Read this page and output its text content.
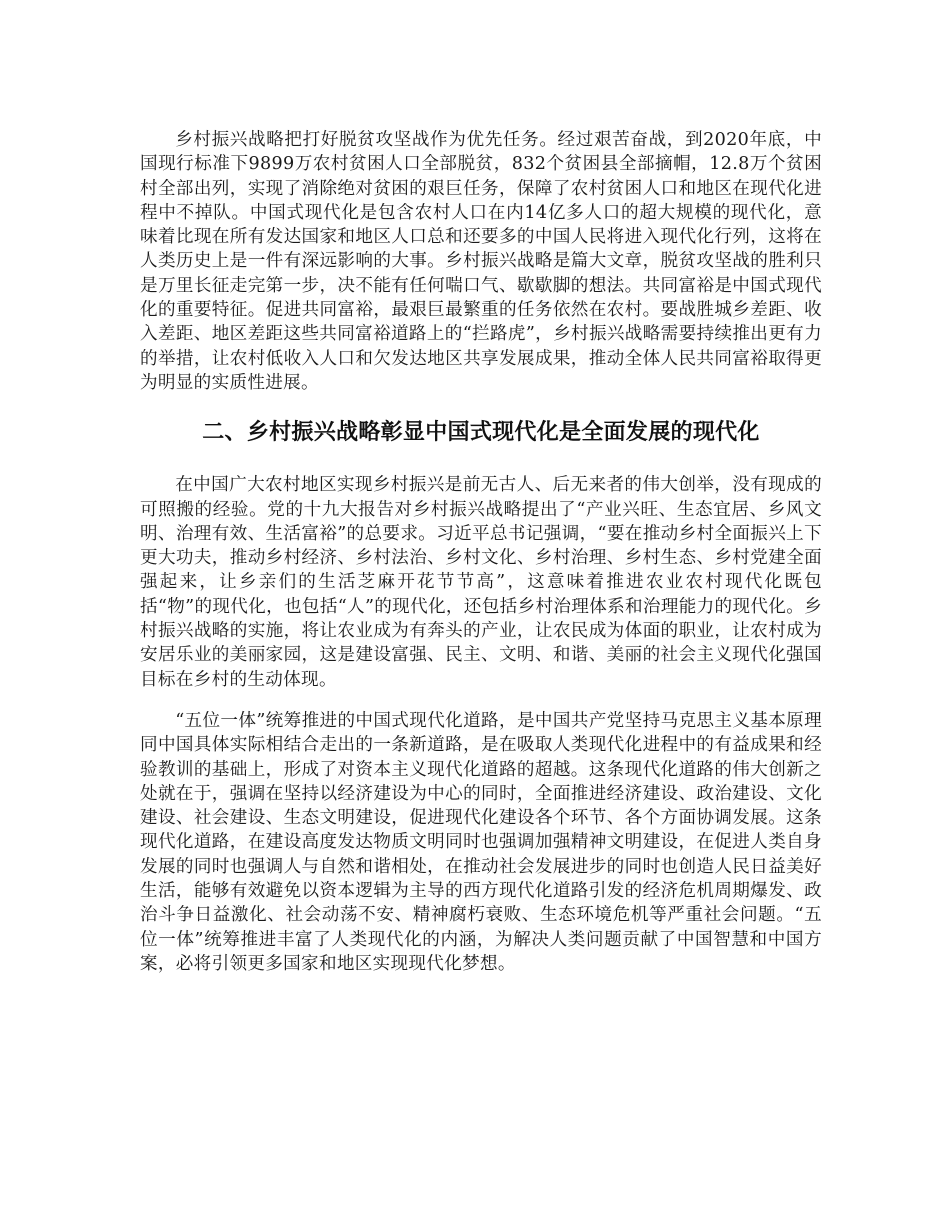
乡村振兴战略把打好脱贫攻坚战作为优先任务。经过艰苦奋战，到2020年底，中国现行标准下9899万农村贫困人口全部脱贫，832个贫困县全部摘帽，12.8万个贫困村全部出列，实现了消除绝对贫困的艰巨任务，保障了农村贫困人口和地区在现代化进程中不掉队。中国式现代化是包含农村人口在内14亿多人口的超大规模的现代化，意味着比现在所有发达国家和地区人口总和还要多的中国人民将进入现代化行列，这将在人类历史上是一件有深远影响的大事。乡村振兴战略是篇大文章，脱贫攻坚战的胜利只是万里长征走完第一步，决不能有任何喘口气、歇歇脚的想法。共同富裕是中国式现代化的重要特征。促进共同富裕，最艰巨最繁重的任务依然在农村。要战胜城乡差距、收入差距、地区差距这些共同富裕道路上的“拦路虎”，乡村振兴战略需要持续推出更有力的举措，让农村低收入人口和欠发达地区共享发展成果，推动全体人民共同富裕取得更为明显的实质性进展。

二、乡村振兴战略彰显中国式现代化是全面发展的现代化

在中国广大农村地区实现乡村振兴是前无古人、后无来者的伟大创举，没有现成的可照搬的经验。党的十九大报告对乡村振兴战略提出了“产业兴旺、生态宜居、乡风文明、治理有效、生活富裕”的总要求。习近平总书记强调，“要在推动乡村全面振兴上下更大功夫，推动乡村经济、乡村法治、乡村文化、乡村治理、乡村生态、乡村党建全面强起来，让乡亲们的生活芝麻开花节节高”，这意味着推进农业农村现代化既包括“物”的现代化，也包括“人”的现代化，还包括乡村治理体系和治理能力的现代化。乡村振兴战略的实施，将让农业成为有奔头的产业，让农民成为体面的职业，让农村成为安居乐业的美丽家园，这是建设富强、民主、文明、和谐、美丽的社会主义现代化强国目标在乡村的生动体现。

“五位一体”统筹推进的中国式现代化道路，是中国共产党坚持马克思主义基本原理同中国具体实际相结合走出的一条新道路，是在吸取人类现代化进程中的有益成果和经验教训的基础上，形成了对资本主义现代化道路的超越。这条现代化道路的伟大创新之处就在于，强调在坚持以经济建设为中心的同时，全面推进经济建设、政治建设、文化建设、社会建设、生态文明建设，促进现代化建设各个环节、各个方面协调发展。这条现代化道路，在建设高度发达物质文明同时也强调加强精神文明建设，在促进人类自身发展的同时也强调人与自然和谐相处，在推动社会发展进步的同时也创造人民日益美好生活，能够有效避免以资本逻辑为主导的西方现代化道路引发的经济危机周期爆发、政治斗争日益激化、社会动荡不安、精神腐朽衰败、生态环境危机等严重社会问题。“五位一体”统筹推进丰富了人类现代化的内涵，为解决人类问题贡献了中国智慧和中国方案，必将引领更多国家和地区实现现代化梦想。
